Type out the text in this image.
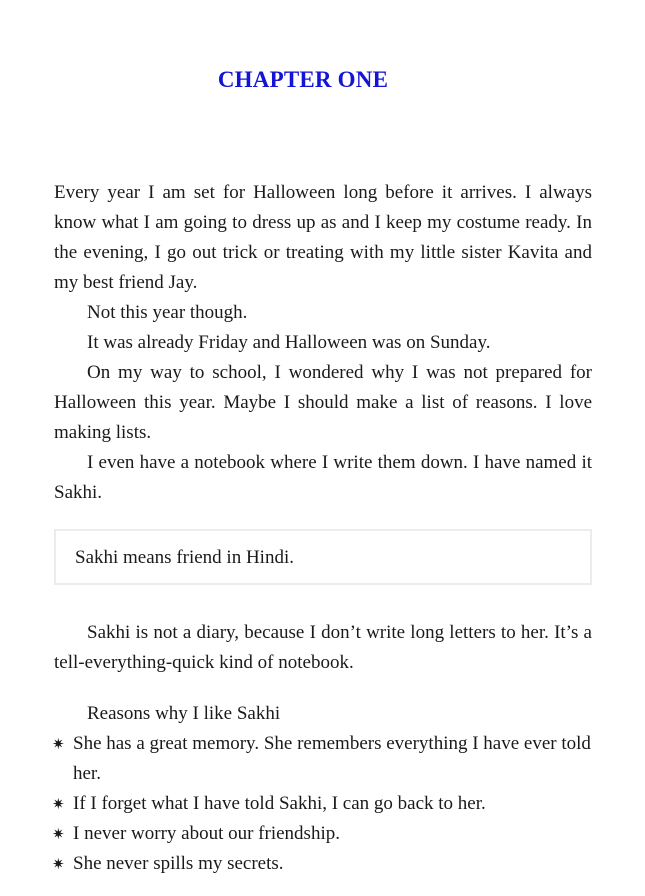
CHAPTER ONE

Every year I am set for Halloween long before it arrives. I always know what I am going to dress up as and I keep my costume ready. In the evening, I go out trick or treating with my little sister Kavita and my best friend Jay.

Not this year though.

It was already Friday and Halloween was on Sunday.

On my way to school, I wondered why I was not prepared for Halloween this year. Maybe I should make a list of reasons. I love making lists.

I even have a notebook where I write them down. I have named it Sakhi.

Sakhi means friend in Hindi.

Sakhi is not a diary, because I don’t write long letters to her. It’s a tell-everything-quick kind of notebook.

Reasons why I like Sakhi
✷ She has a great memory. She remembers everything I have ever told her.
✷ If I forget what I have told Sakhi, I can go back to her.
✷ I never worry about our friendship.
✷ She never spills my secrets.
